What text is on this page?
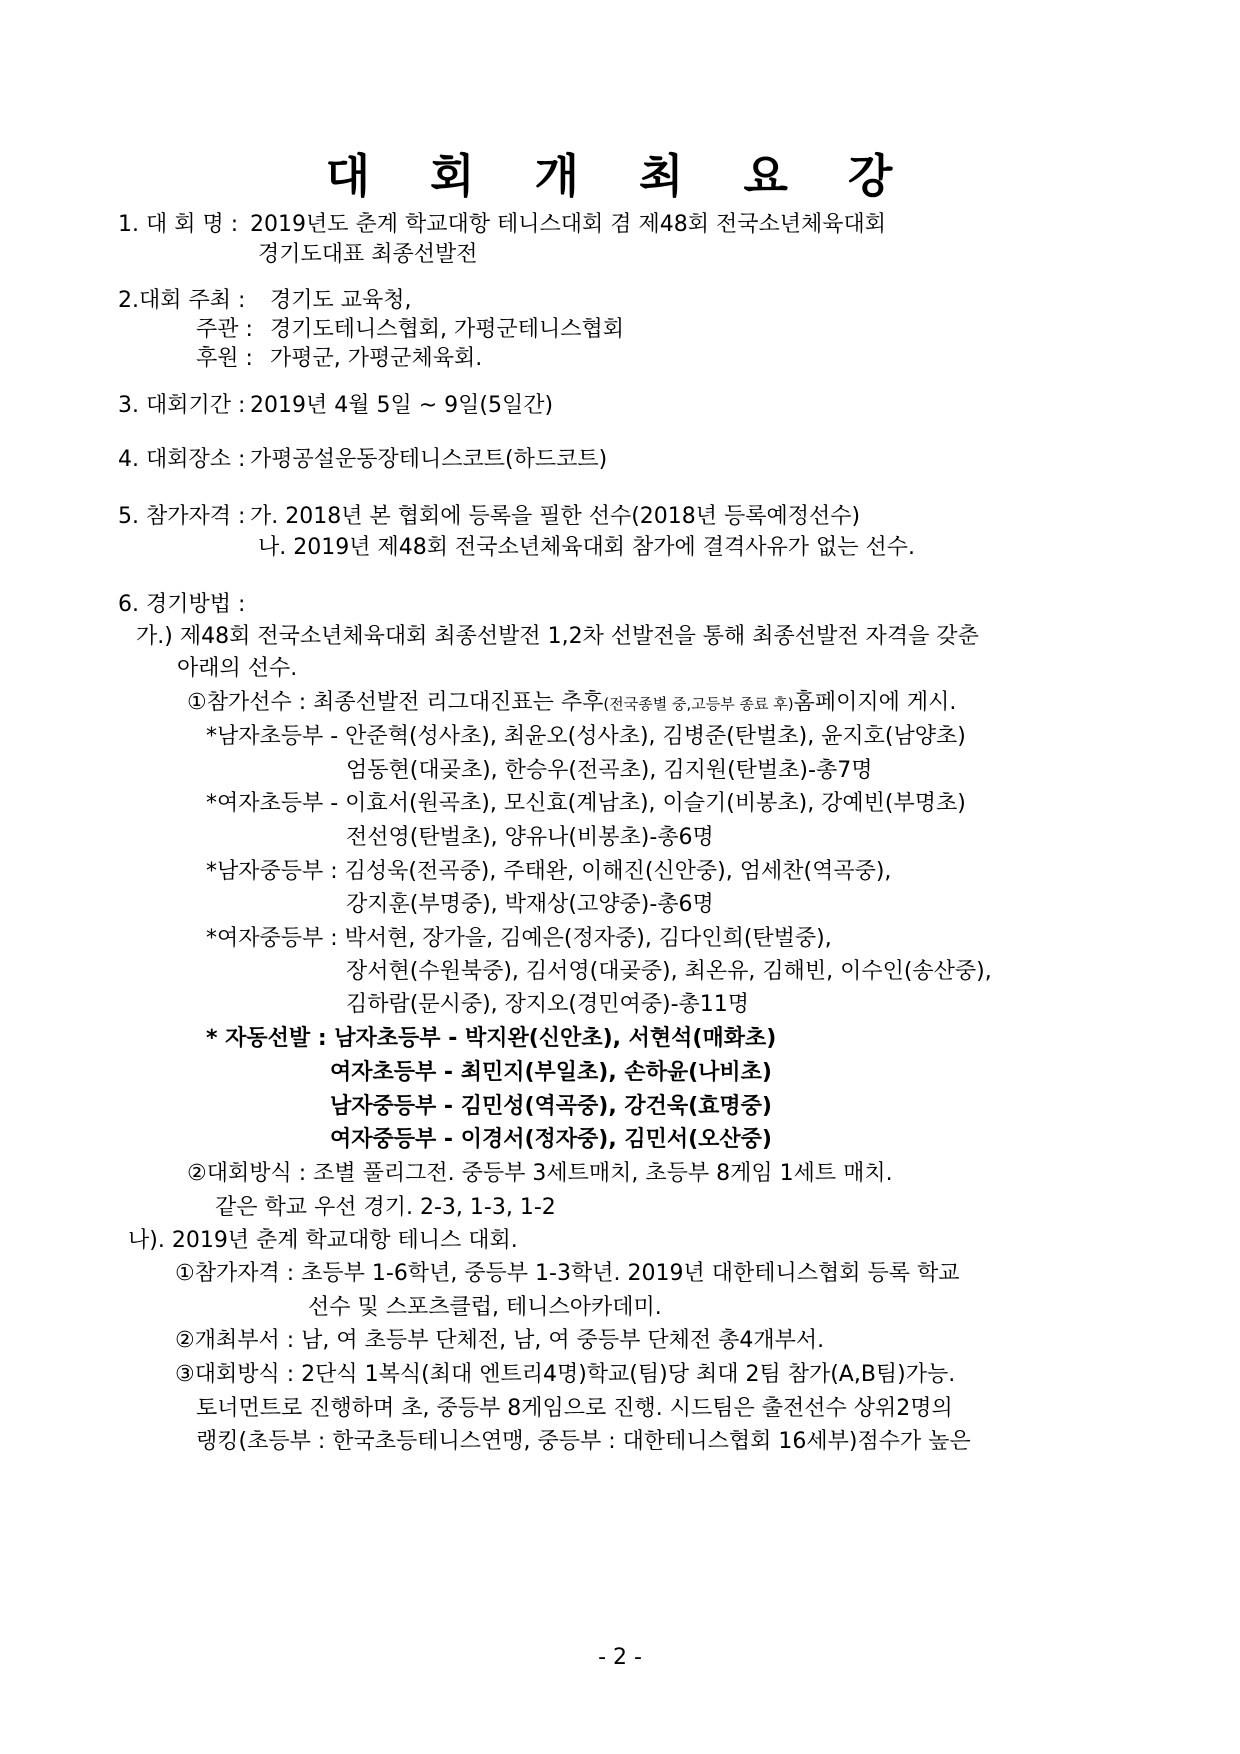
대 회 개 최 요 강
1. 대 회 명 : 2019년도 춘계 학교대항 테니스대회 겸 제48회 전국소년체육대회
경기도대표 최종선발전
2.대회 주최 : 경기도 교육청,
주관 : 경기도테니스협회, 가평군테니스협회
후원 : 가평군, 가평군체육회.
3. 대회기간 : 2019년 4월 5일 ~ 9일(5일간)
4. 대회장소 : 가평공설운동장테니스코트(하드코트)
5. 참가자격 : 가. 2018년 본 협회에 등록을 필한 선수(2018년 등록예정선수)
나. 2019년 제48회 전국소년체육대회 참가에 결격사유가 없는 선수.
6. 경기방법 :
가.) 제48회 전국소년체육대회 최종선발전 1,2차 선발전을 통해 최종선발전 자격을 갖춘
아래의 선수.
①참가선수 : 최종선발전 리그대진표는 추후(전국종별 중,고등부 종료 후)홈페이지에 게시.
*남자초등부 - 안준혁(성사초), 최윤오(성사초), 김병준(탄벌초), 윤지호(남양초)
엄동현(대곶초), 한승우(전곡초), 김지원(탄벌초)-총7명
*여자초등부 - 이효서(원곡초), 모신효(계남초), 이슬기(비봉초), 강예빈(부명초)
전선영(탄벌초), 양유나(비봉초)-총6명
*남자중등부 : 김성욱(전곡중), 주태완, 이해진(신안중), 엄세찬(역곡중),
강지훈(부명중), 박재상(고양중)-총6명
*여자중등부 : 박서현, 장가을, 김예은(정자중), 김다인희(탄벌중),
장서현(수원북중), 김서영(대곶중), 최온유, 김해빈, 이수인(송산중),
김하람(문시중), 장지오(경민여중)-총11명
* 자동선발 : 남자초등부 - 박지완(신안초), 서현석(매화초)
여자초등부 - 최민지(부일초), 손하윤(나비초)
남자중등부 - 김민성(역곡중), 강건욱(효명중)
여자중등부 - 이경서(정자중), 김민서(오산중)
②대회방식 : 조별 풀리그전. 중등부 3세트매치, 초등부 8게임 1세트 매치.
같은 학교 우선 경기. 2-3, 1-3, 1-2
나). 2019년 춘계 학교대항 테니스 대회.
①참가자격 : 초등부 1-6학년, 중등부 1-3학년. 2019년 대한테니스협회 등록 학교
선수 및 스포츠클럽, 테니스아카데미.
②개최부서 : 남, 여 초등부 단체전, 남, 여 중등부 단체전 총4개부서.
③대회방식 : 2단식 1복식(최대 엔트리4명)학교(팀)당 최대 2팀 참가(A,B팀)가능.
토너먼트로 진행하며 초, 중등부 8게임으로 진행. 시드팀은 출전선수 상위2명의
랭킹(초등부 : 한국초등테니스연맹, 중등부 : 대한테니스협회 16세부)점수가 높은
- 2 -
